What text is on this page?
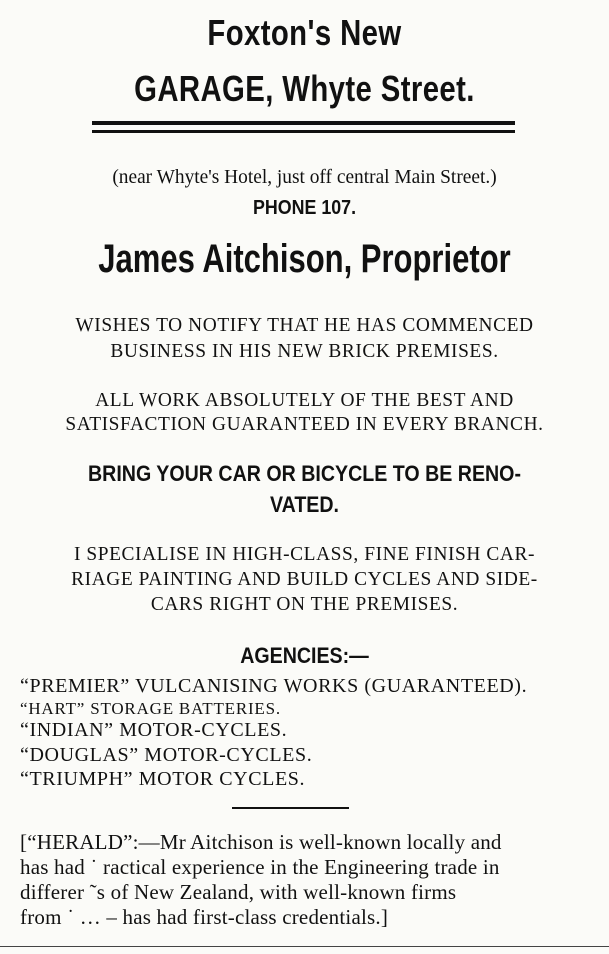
Foxton's New
GARAGE, Whyte Street.
(near Whyte's Hotel, just off central Main Street.)
PHONE 107.
James Aitchison, Proprietor
WISHES TO NOTIFY THAT HE HAS COMMENCED
BUSINESS IN HIS NEW BRICK PREMISES.
ALL WORK ABSOLUTELY OF THE BEST AND
SATISFACTION GUARANTEED IN EVERY BRANCH.
BRING YOUR CAR OR BICYCLE TO BE RENO-
VATED.
I SPECIALISE IN HIGH-CLASS, FINE FINISH CAR-
RIAGE PAINTING AND BUILD CYCLES AND SIDE-
CARS RIGHT ON THE PREMISES.
AGENCIES:—
“PREMIER” VULCANISING WORKS (GUARANTEED).
“HART” STORAGE BATTERIES.
“INDIAN” MOTOR-CYCLES.
“DOUGLAS” MOTOR-CYCLES.
“TRIUMPH” MOTOR CYCLES.
[“HERALD”:—Mr Aitchison is well-known locally and
has had ˙ ractical experience in the Engineering trade in
differer ˜s of New Zealand, with well-known firms
from ˙ … – has had first-class credentials.]
